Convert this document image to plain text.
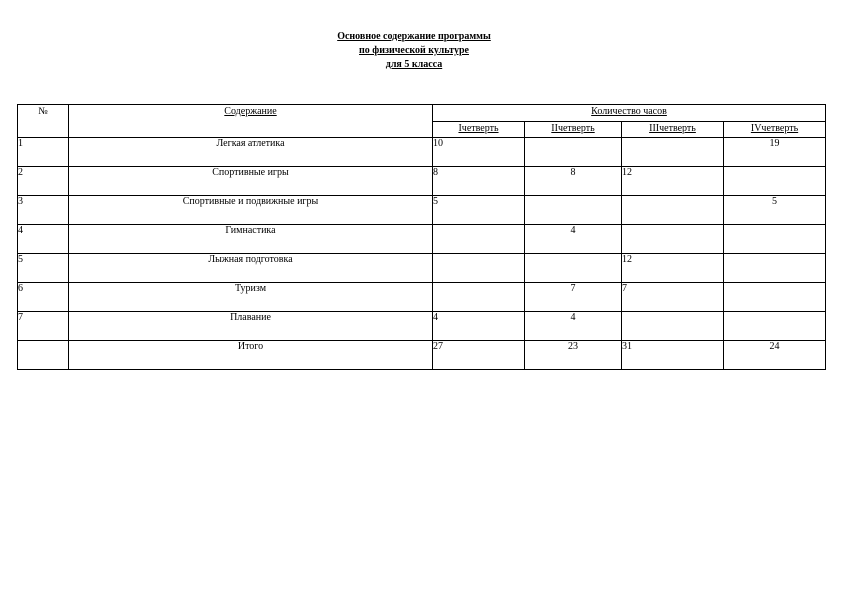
Основное содержание программы
по физической культуре
для 5 класса
№	Содержание	Количество часов			
		Iчетверть	IIчетверть	IIIчетверть	IVчетверть
1	Легкая атлетика	10			19
2	Спортивные игры	8	8	12	
3	Спортивные и подвижные игры	5			5
4	Гимнастика		4		
5	Лыжная подготовка			12	
6	Туризм		7	7	
7	Плавание	4	4		
	Итого	27	23	31	24
